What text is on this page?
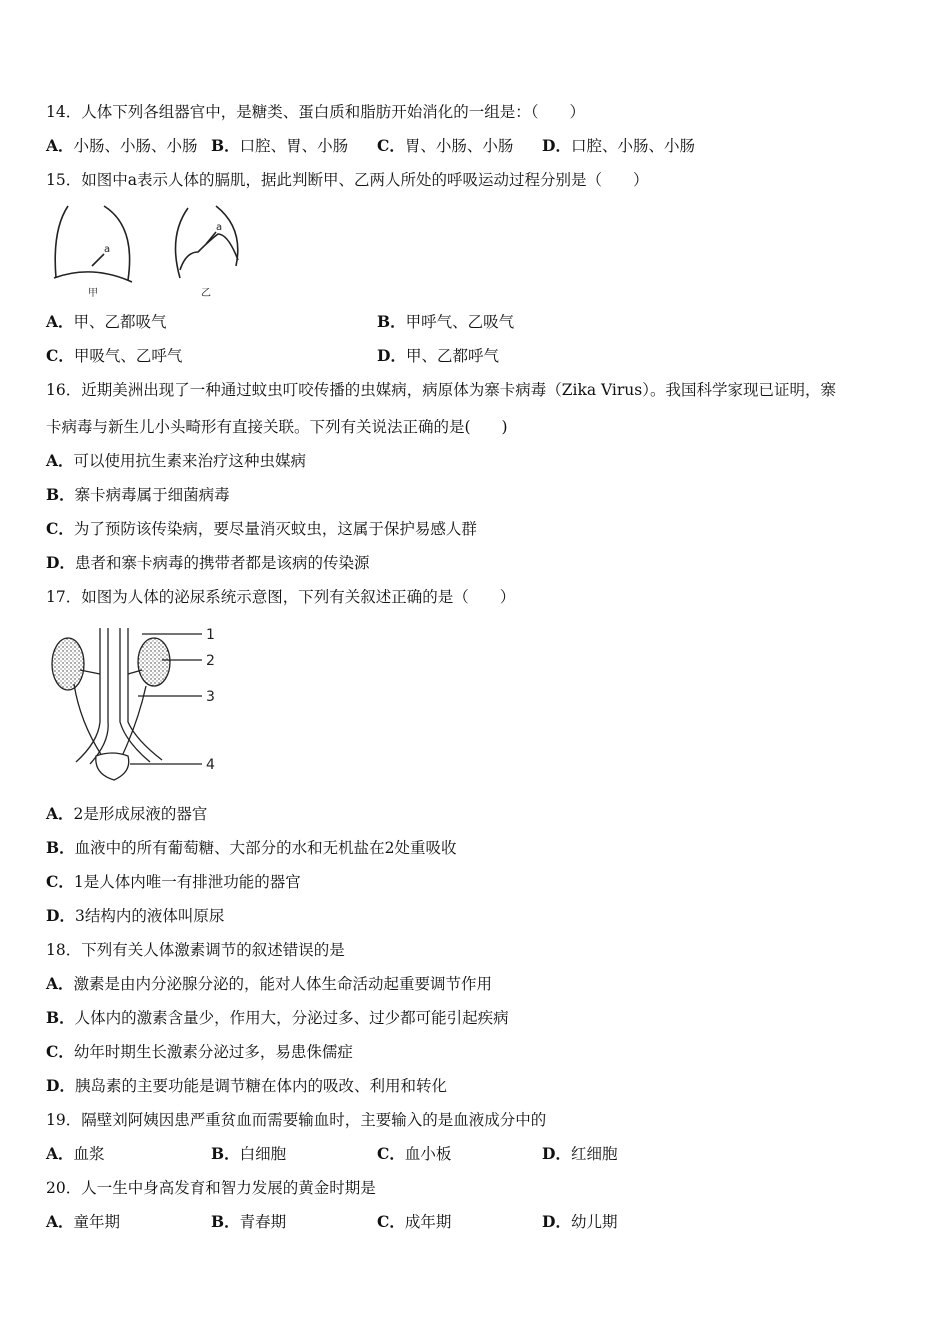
14．人体下列各组器官中，是糖类、蛋白质和脂肪开始消化的一组是：（　　）
A．小肠、小肠、小肠 B．口腔、胃、小肠 C．胃、小肠、小肠 D．口腔、小肠、小肠
15．如图中a表示人体的膈肌，据此判断甲、乙两人所处的呼吸运动过程分别是（　　）
a
a
甲	乙
A．甲、乙都吸气	B．甲呼气、乙吸气
C．甲吸气、乙呼气	D．甲、乙都呼气
16．近期美洲出现了一种通过蚊虫叮咬传播的虫媒病，病原体为寨卡病毒（Zika Virus）。我国科学家现已证明，寨
卡病毒与新生儿小头畸形有直接关联。下列有关说法正确的是(　　)
A．可以使用抗生素来治疗这种虫媒病
B．寨卡病毒属于细菌病毒
C．为了预防该传染病，要尽量消灭蚊虫，这属于保护易感人群
D．患者和寨卡病毒的携带者都是该病的传染源
17．如图为人体的泌尿系统示意图，下列有关叙述正确的是（　　）
1
2
3
4
A．2是形成尿液的器官
B．血液中的所有葡萄糖、大部分的水和无机盐在2处重吸收
C．1是人体内唯一有排泄功能的器官
D．3结构内的液体叫原尿
18．下列有关人体激素调节的叙述错误的是
A．激素是由内分泌腺分泌的，能对人体生命活动起重要调节作用
B．人体内的激素含量少，作用大，分泌过多、过少都可能引起疾病
C．幼年时期生长激素分泌过多，易患侏儒症
D．胰岛素的主要功能是调节糖在体内的吸改、利用和转化
19．隔壁刘阿姨因患严重贫血而需要输血时，主要输入的是血液成分中的
A．血浆	B．白细胞	C．血小板	D．红细胞
20．人一生中身高发育和智力发展的黄金时期是
A．童年期	B．青春期	C．成年期	D．幼儿期
